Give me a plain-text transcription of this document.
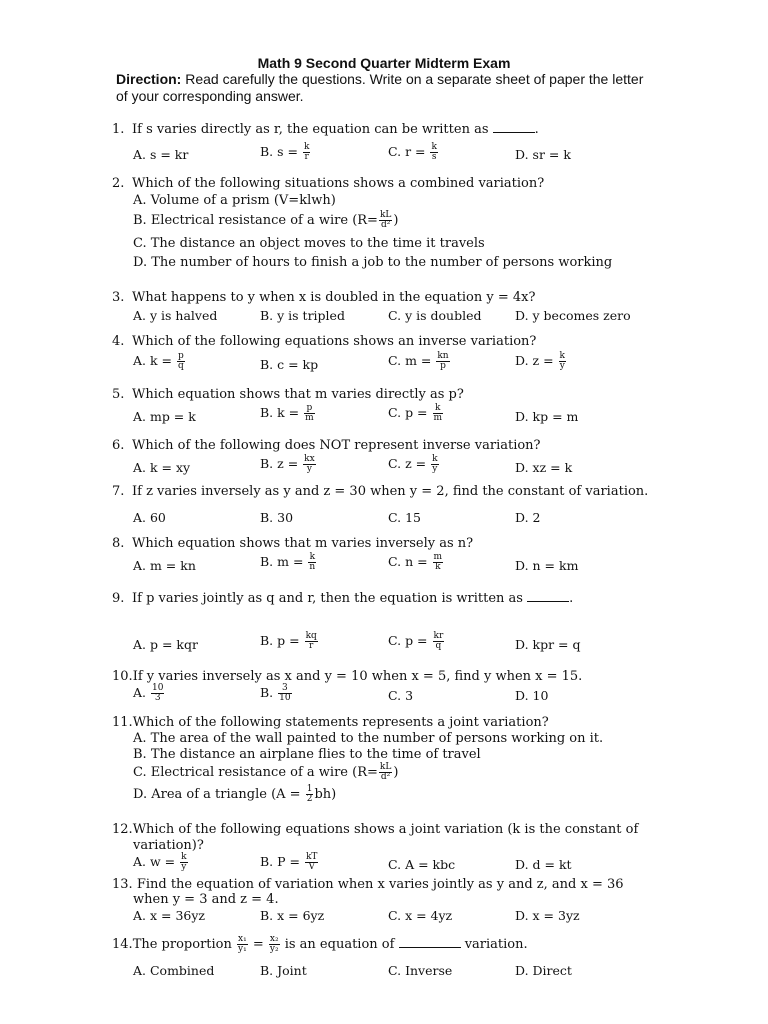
Math 9 Second Quarter Midterm Exam
Direction: Read carefully the questions. Write on a separate sheet of paper the letter of your corresponding answer.
1. If s varies directly as r, the equation can be written as	.
A. s = kr	B. $s = \frac{k}{r}$	C. $r = \frac{k}{s}$	D. sr = k
2. Which of the following situations shows a combined variation?
A. Volume of a prism (V=klwh)
B. Electrical resistance of a wire ($R= \frac{kL}{\text{d²}}$ )
C. The distance an object moves to the time it travels
D. The number of hours to finish a job to the number of persons working
3. What happens to y when x is doubled in the equation y = 4x?
A. y is halved	B. y is tripled	C. y is doubled	D. y becomes zero
4. Which of the following equations shows an inverse variation?
A. $k = \frac{p}{q}$	B. c = kp	C. $m = \frac{kn}{p}$	D. $z = \frac{k}{y}$
5. Which equation shows that m varies directly as p?
A. mp = k	B. $k = \frac{p}{m}$	C. $p = \frac{k}{m}$	D. kp = m
6. Which of the following does NOT represent inverse variation?
A. k = xy	B. $z = \frac{kx}{y}$	C. $z = \frac{k}{y}$	D. xz = k
7. If z varies inversely as y and z = 30 when y = 2, find the constant of variation.
A. 60	B. 30	C. 15	D. 2
8. Which equation shows that m varies inversely as n?
A. m = kn	B. $m = \frac{k}{n}$	C. $n = \frac{m}{k}$	D. n = km
9. If p varies jointly as q and r, then the equation is written as	.
A. p = kqr	B. $p = \frac{kq}{r}$	C. $p = \frac{kr}{q}$	D. kpr = q
10.If y varies inversely as x and y = 10 when x = 5, find y when x = 15.
A. $\frac{10}{3}$	B. $\frac{3}{10}$	C. 3	D. 10
11.Which of the following statements represents a joint variation?
A. The area of the wall painted to the number of persons working on it.
B. The distance an airplane flies to the time of travel
C. Electrical resistance of a wire ($R= \frac{kL}{\text{d²}}$ )
D. Area of a triangle $(A = \frac{1}{2} bh)$
12.Which of the following equations shows a joint variation (k is the constant of
variation)?
A. $w = \frac{k}{y}$	B. $P = \frac{kT}{V}$	C. A = kbc	D. d = kt
13. Find the equation of variation when x varies jointly as y and z, and x = 36
when y = 3 and z = 4.
A. x = 36yz	B. x = 6yz	C. x = 4yz	D. x = 3yz
14.The proportion $\frac{\text{x₁}}{\text{y₁}} = \frac{\text{x₂}}{\text{y₂}}$ is an equation of	variation.
A. Combined	B. Joint	C. Inverse	D. Direct
